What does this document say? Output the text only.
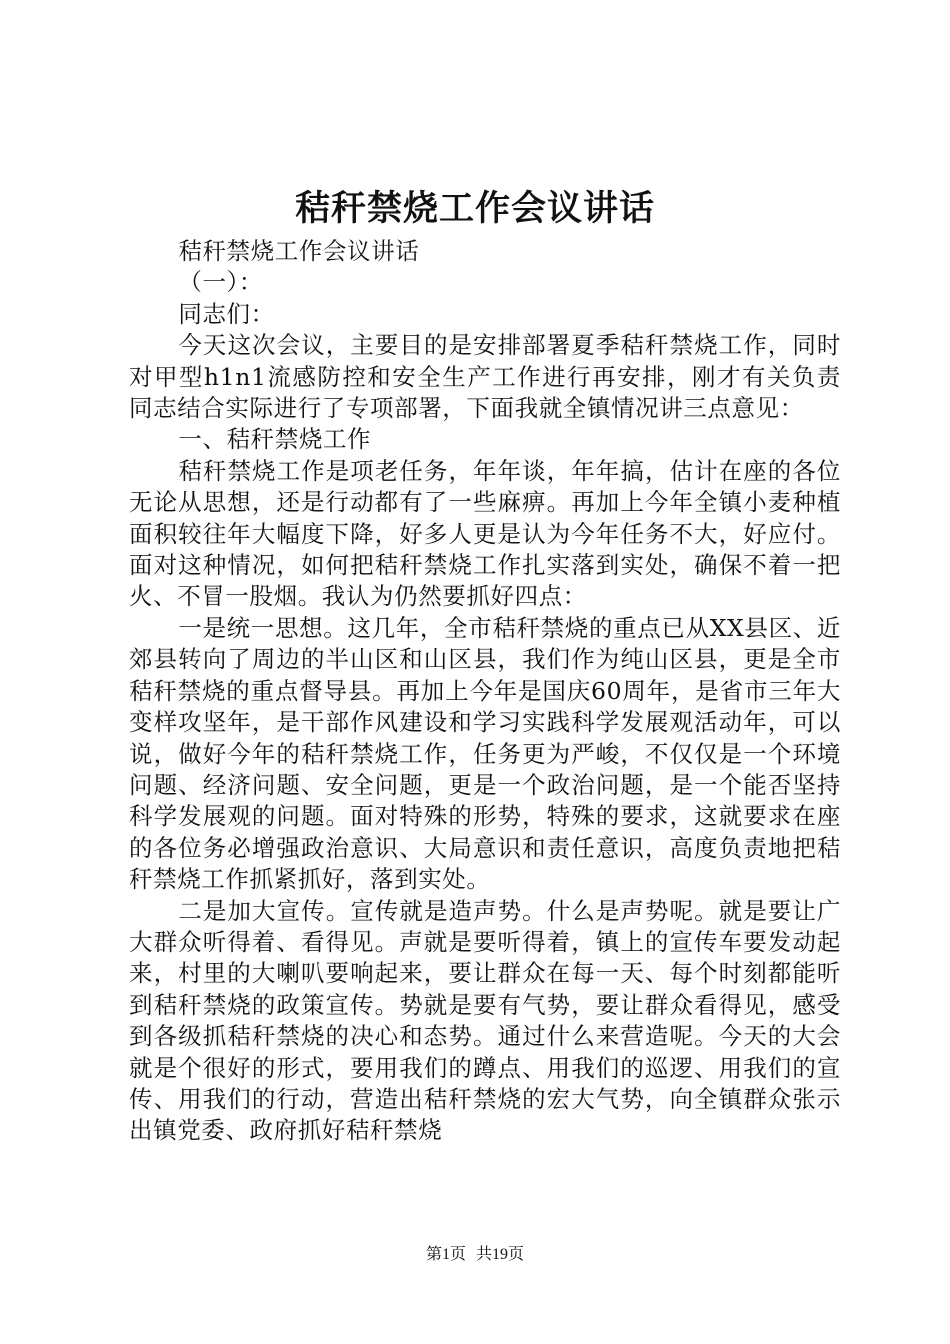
秸秆禁烧工作会议讲话

秸秆禁烧工作会议讲话

（一）：

同志们：

今天这次会议，主要目的是安排部署夏季秸秆禁烧工作，同时对甲型h1n1流感防控和安全生产工作进行再安排，刚才有关负责同志结合实际进行了专项部署，下面我就全镇情况讲三点意见：

一、秸秆禁烧工作

秸秆禁烧工作是项老任务，年年谈，年年搞，估计在座的各位无论从思想，还是行动都有了一些麻痹。再加上今年全镇小麦种植面积较往年大幅度下降，好多人更是认为今年任务不大，好应付。面对这种情况，如何把秸秆禁烧工作扎实落到实处，确保不着一把火、不冒一股烟。我认为仍然要抓好四点：

一是统一思想。这几年，全市秸秆禁烧的重点已从XX县区、近郊县转向了周边的半山区和山区县，我们作为纯山区县，更是全市秸秆禁烧的重点督导县。再加上今年是国庆60周年，是省市三年大变样攻坚年，是干部作风建设和学习实践科学发展观活动年，可以说，做好今年的秸秆禁烧工作，任务更为严峻，不仅仅是一个环境问题、经济问题、安全问题，更是一个政治问题，是一个能否坚持科学发展观的问题。面对特殊的形势，特殊的要求，这就要求在座的各位务必增强政治意识、大局意识和责任意识，高度负责地把秸秆禁烧工作抓紧抓好，落到实处。

二是加大宣传。宣传就是造声势。什么是声势呢。就是要让广大群众听得着、看得见。声就是要听得着，镇上的宣传车要发动起来，村里的大喇叭要响起来，要让群众在每一天、每个时刻都能听到秸秆禁烧的政策宣传。势就是要有气势，要让群众看得见，感受到各级抓秸秆禁烧的决心和态势。通过什么来营造呢。今天的大会就是个很好的形式，要用我们的蹲点、用我们的巡逻、用我们的宣传、用我们的行动，营造出秸秆禁烧的宏大气势，向全镇群众张示出镇党委、政府抓好秸秆禁烧

第1页 共19页
